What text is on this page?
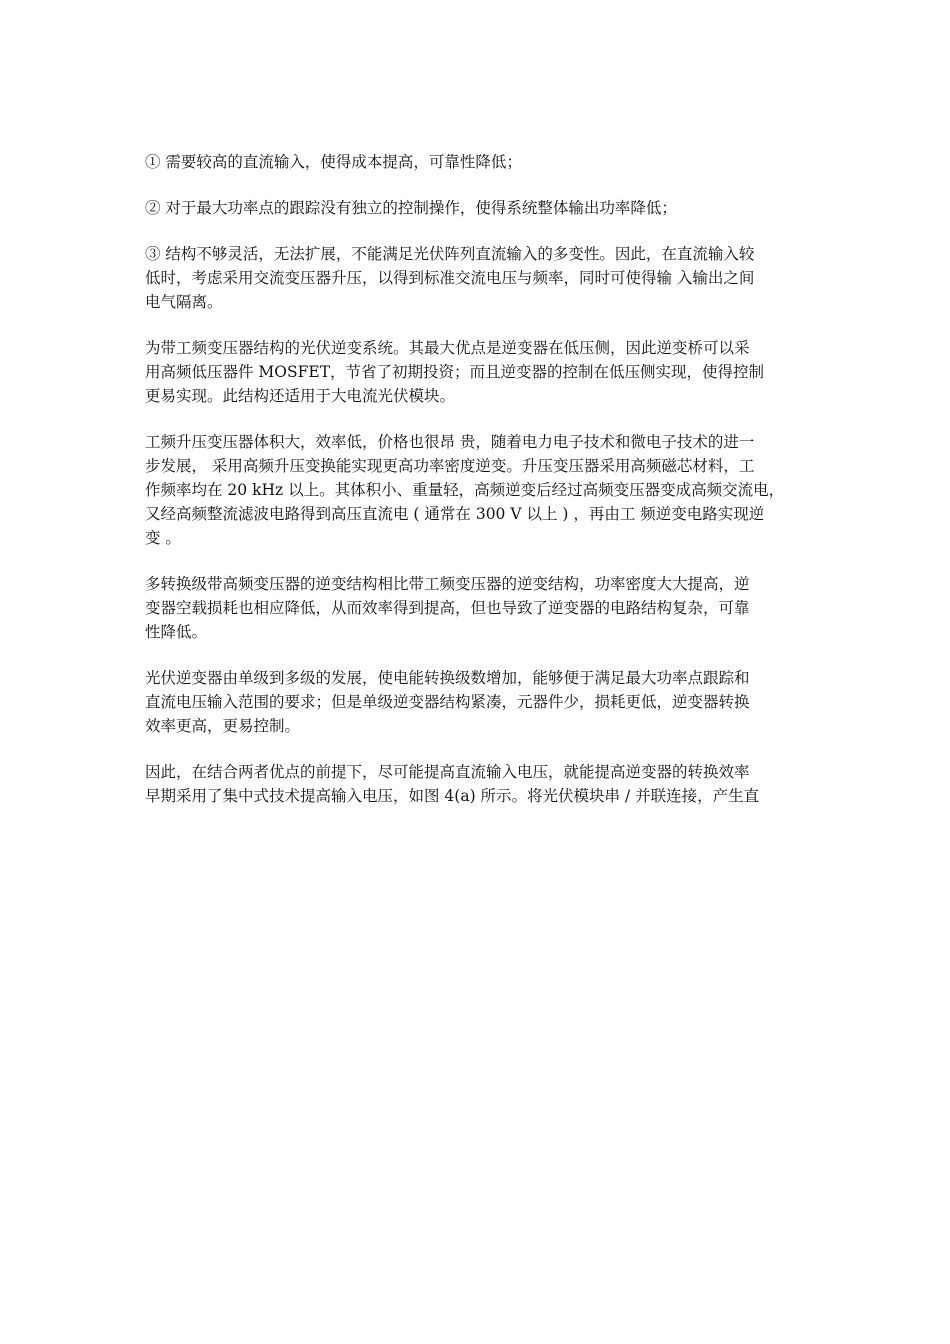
① 需要较高的直流输入，使得成本提高，可靠性降低；

② 对于最大功率点的跟踪没有独立的控制操作，使得系统整体输出功率降低；

③ 结构不够灵活，无法扩展，不能满足光伏阵列直流输入的多变性。因此，在直流输入较
低时，考虑采用交流变压器升压，以得到标准交流电压与频率，同时可使得输 入输出之间
电气隔离。

为带工频变压器结构的光伏逆变系统。其最大优点是逆变器在低压侧，因此逆变桥可以采
用高频低压器件 MOSFET，节省了初期投资；而且逆变器的控制在低压侧实现，使得控制
更易实现。此结构还适用于大电流光伏模块。

工频升压变压器体积大，效率低，价格也很昂 贵，随着电力电子技术和微电子技术的进一
步发展， 采用高频升压变换能实现更高功率密度逆变。升压变压器采用高频磁芯材料，工
作频率均在 20 kHz 以上。其体积小、重量轻，高频逆变后经过高频变压器变成高频交流电，
又经高频整流滤波电路得到高压直流电 ( 通常在 300 V 以上 ) ，再由工 频逆变电路实现逆
变 。

多转换级带高频变压器的逆变结构相比带工频变压器的逆变结构，功率密度大大提高，逆
变器空载损耗也相应降低，从而效率得到提高，但也导致了逆变器的电路结构复杂，可靠
性降低。

光伏逆变器由单级到多级的发展，使电能转换级数增加，能够便于满足最大功率点跟踪和
直流电压输入范围的要求；但是单级逆变器结构紧凑，元器件少，损耗更低，逆变器转换
效率更高，更易控制。

因此，在结合两者优点的前提下，尽可能提高直流输入电压，就能提高逆变器的转换效率
早期采用了集中式技术提高输入电压，如图 4(a) 所示。将光伏模块串 / 并联连接，产生直
